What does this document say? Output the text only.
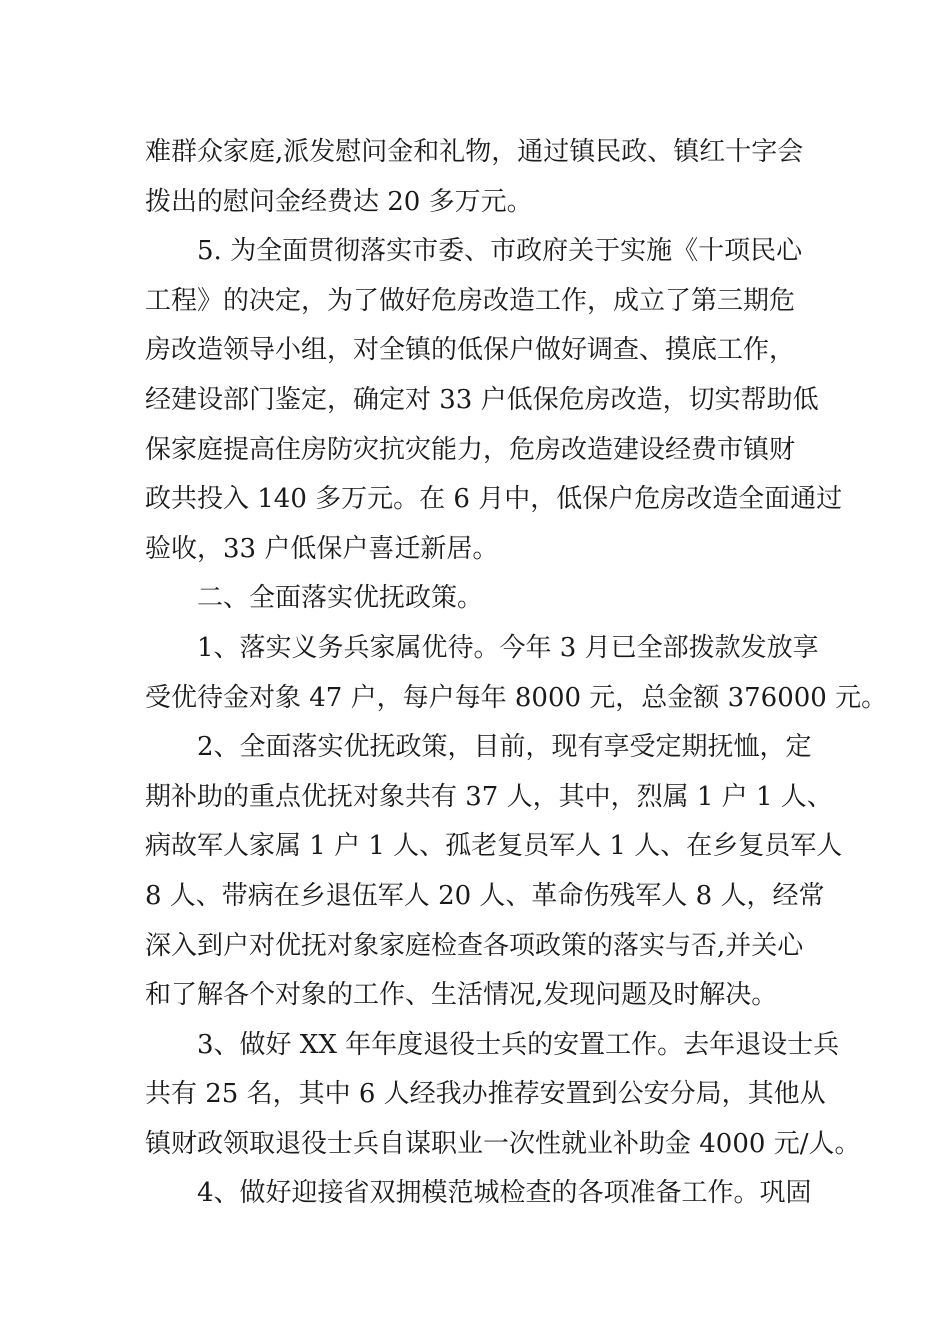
难群众家庭,派发慰问金和礼物，通过镇民政、镇红十字会
拨出的慰问金经费达 20 多万元。
5. 为全面贯彻落实市委、市政府关于实施《十项民心
工程》的决定，为了做好危房改造工作，成立了第三期危
房改造领导小组，对全镇的低保户做好调查、摸底工作，
经建设部门鉴定，确定对 33 户低保危房改造，切实帮助低
保家庭提高住房防灾抗灾能力，危房改造建设经费市镇财
政共投入 140 多万元。在 6 月中，低保户危房改造全面通过
验收，33 户低保户喜迁新居。
二、全面落实优抚政策。
1、落实义务兵家属优待。今年 3 月已全部拨款发放享
受优待金对象 47 户，每户每年 8000 元，总金额 376000 元。
2、全面落实优抚政策，目前，现有享受定期抚恤，定
期补助的重点优抚对象共有 37 人，其中，烈属 1 户 1 人、
病故军人家属 1 户 1 人、孤老复员军人 1 人、在乡复员军人
8 人、带病在乡退伍军人 20 人、革命伤残军人 8 人，经常
深入到户对优抚对象家庭检查各项政策的落实与否,并关心
和了解各个对象的工作、生活情况,发现问题及时解决。
3、做好 XX 年年度退役士兵的安置工作。去年退设士兵
共有 25 名，其中 6 人经我办推荐安置到公安分局，其他从
镇财政领取退役士兵自谋职业一次性就业补助金 4000 元/人。
4、做好迎接省双拥模范城检查的各项准备工作。巩固
